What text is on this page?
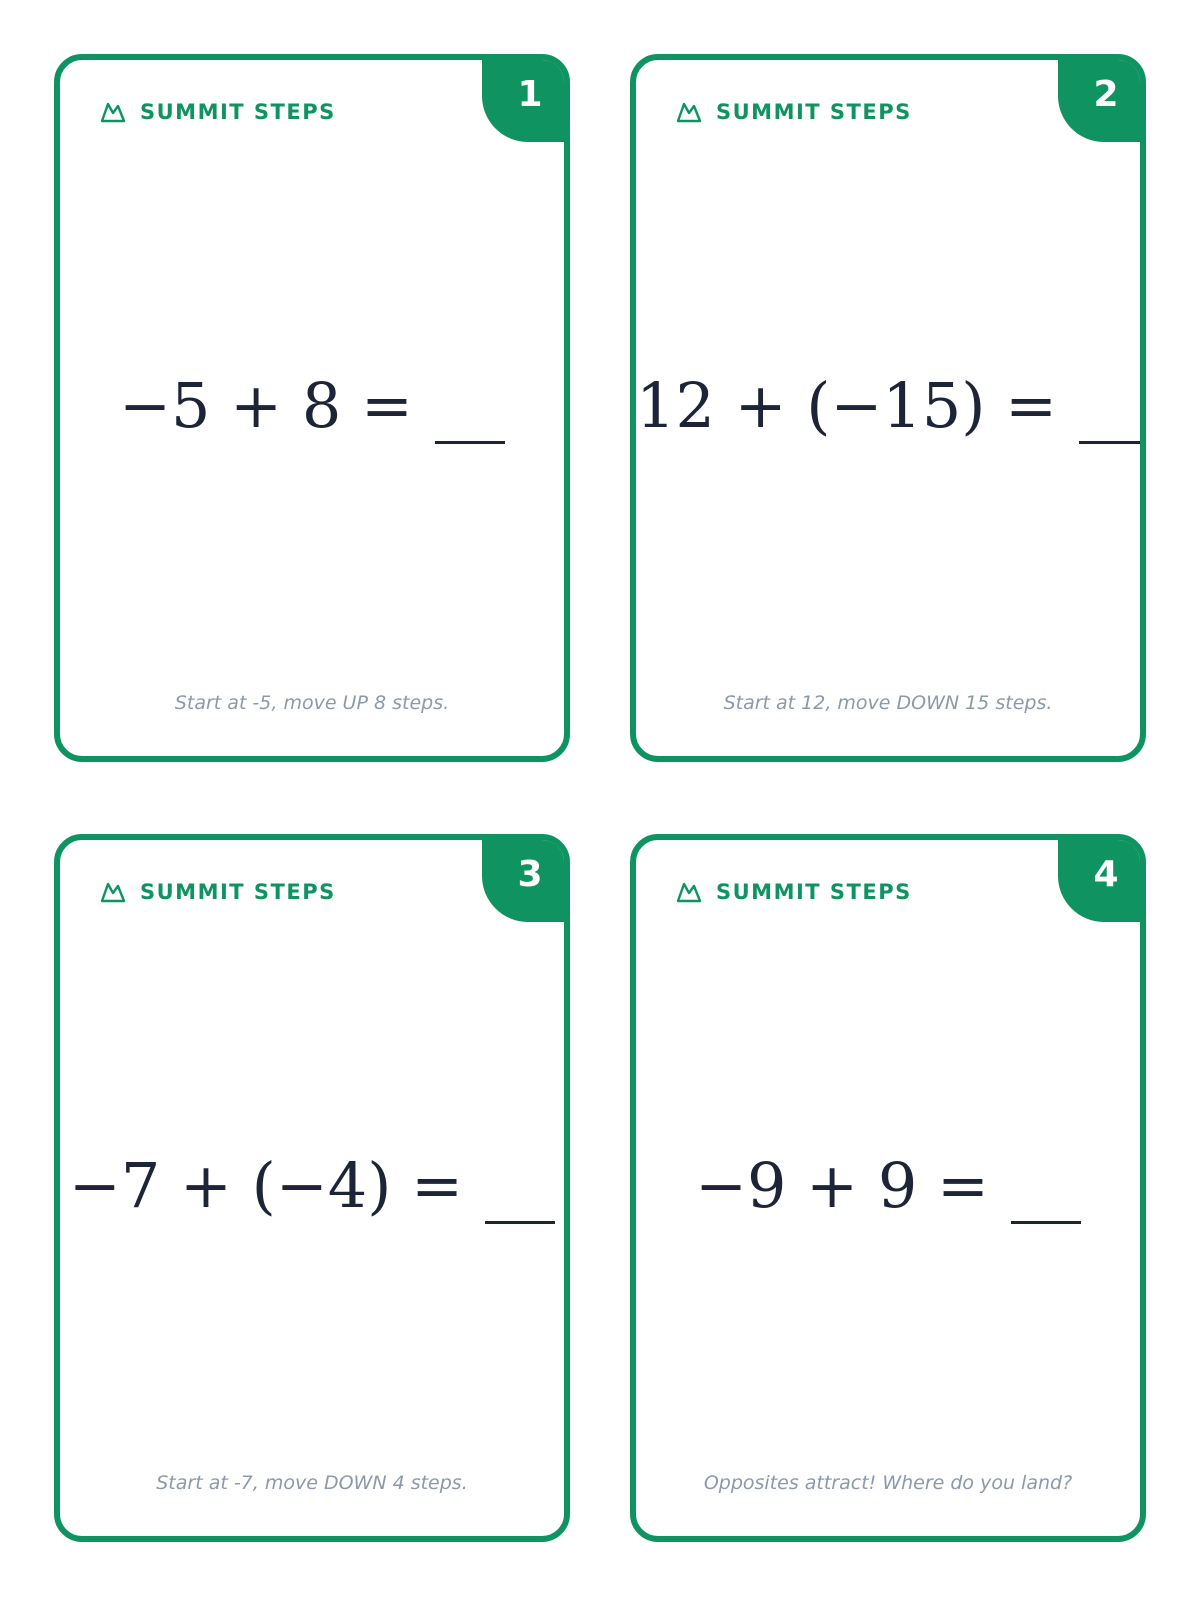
1
SUMMIT STEPS
−5 + 8 =
Start at -5, move UP 8 steps.
2
SUMMIT STEPS
12 + (−15) =
Start at 12, move DOWN 15 steps.
3
SUMMIT STEPS
−7 + (−4) =
Start at -7, move DOWN 4 steps.
4
SUMMIT STEPS
−9 + 9 =
Opposites attract! Where do you land?
